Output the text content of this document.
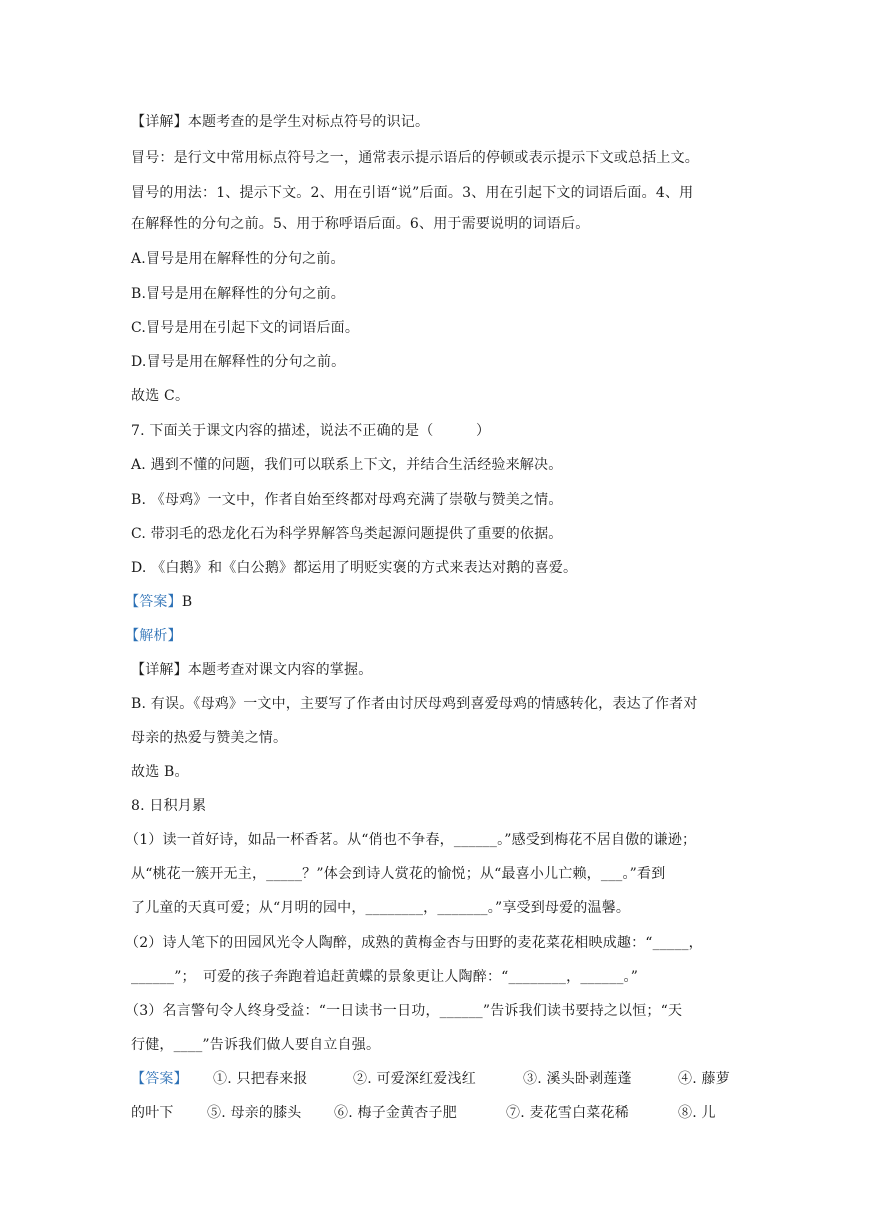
【详解】本题考查的是学生对标点符号的识记。
冒号：是行文中常用标点符号之一，通常表示提示语后的停顿或表示提示下文或总括上文。
冒号的用法：1、提示下文。2、用在引语“说”后面。3、用在引起下文的词语后面。4、用
在解释性的分句之前。5、用于称呼语后面。6、用于需要说明的词语后。
A.冒号是用在解释性的分句之前。
B.冒号是用在解释性的分句之前。
C.冒号是用在引起下文的词语后面。
D.冒号是用在解释性的分句之前。
故选 C。
7. 下面关于课文内容的描述，说法不正确的是（　　　）
A. 遇到不懂的问题，我们可以联系上下文，并结合生活经验来解决。
B. 《母鸡》一文中，作者自始至终都对母鸡充满了崇敬与赞美之情。
C. 带羽毛的恐龙化石为科学界解答鸟类起源问题提供了重要的依据。
D. 《白鹅》和《白公鹅》都运用了明贬实褒的方式来表达对鹅的喜爱。
【答案】B
【解析】
【详解】本题考查对课文内容的掌握。
B. 有误。《母鸡》一文中，主要写了作者由讨厌母鸡到喜爱母鸡的情感转化，表达了作者对
母亲的热爱与赞美之情。
故选 B。
8. 日积月累
（1）读一首好诗，如品一杯香茗。从“俏也不争春，______。”感受到梅花不居自傲的谦逊；
从“桃花一簇开无主，_____？”体会到诗人赏花的愉悦；从“最喜小儿亡赖，___。”看到
了儿童的天真可爱；从“月明的园中，________，_______。”享受到母爱的温馨。
（2）诗人笔下的田园风光令人陶醉，成熟的黄梅金杏与田野的麦花菜花相映成趣：“_____，
______”；　可爱的孩子奔跑着追赶黄蝶的景象更让人陶醉：“________，______。”
（3）名言警句令人终身受益：“一日读书一日功，______”告诉我们读书要持之以恒；“天
行健，____”告诉我们做人要自立自强。
【答案】 ①. 只把春来报	②. 可爱深红爱浅红	③. 溪头卧剥莲蓬	④. 藤萝
的叶下 ⑤. 母亲的膝头 ⑥. 梅子金黄杏子肥	⑦. 麦花雪白菜花稀	⑧. 儿
